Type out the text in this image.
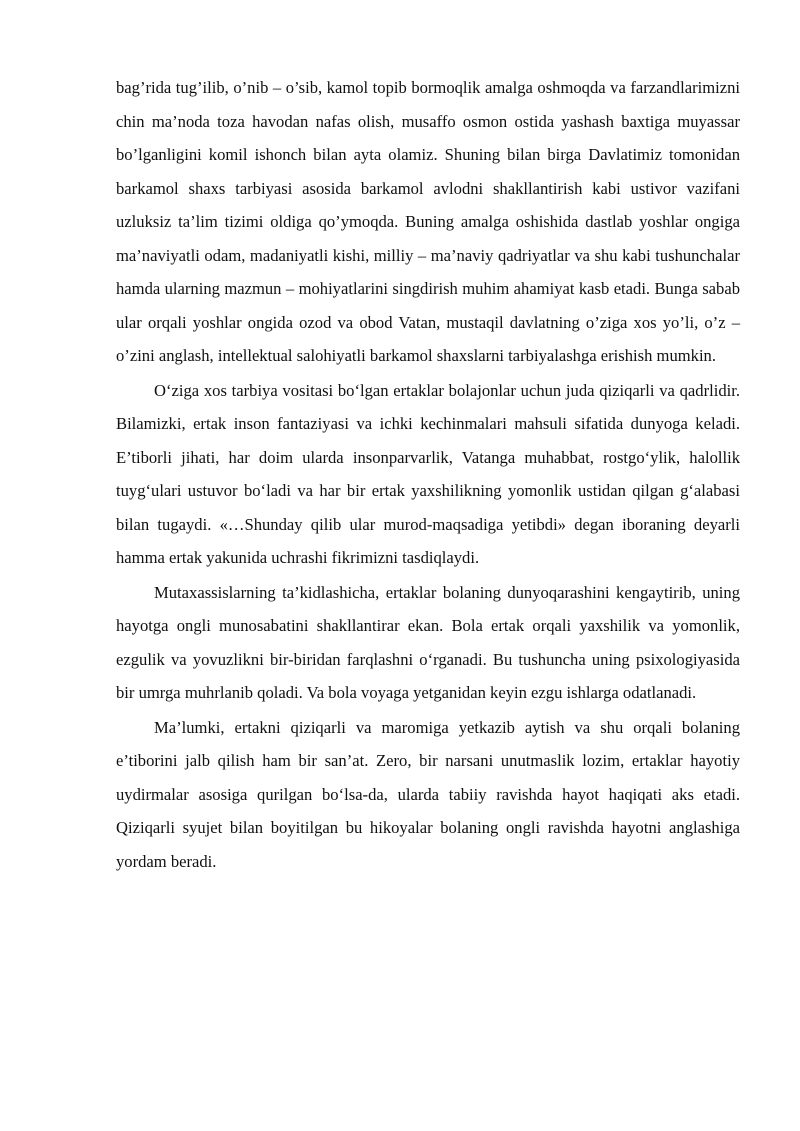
bag’rida tug’ilib, o’nib – o’sib, kamol topib bormoqlik amalga oshmoqda va farzandlarimizni chin ma’noda toza havodan nafas olish, musaffo osmon ostida yashash baxtiga muyassar bo’lganligini komil ishonch bilan ayta olamiz. Shuning bilan birga Davlatimiz tomonidan barkamol shaxs tarbiyasi asosida barkamol avlodni shakllantirish kabi ustivor vazifani uzluksiz ta’lim tizimi oldiga qo’ymoqda. Buning amalga oshishida dastlab yoshlar ongiga ma’naviyatli odam, madaniyatli kishi, milliy – ma’naviy qadriyatlar va shu kabi tushunchalar hamda ularning mazmun – mohiyatlarini singdirish muhim ahamiyat kasb etadi. Bunga sabab ular orqali yoshlar ongida ozod va obod Vatan, mustaqil davlatning o’ziga xos yo’li, o’z – o’zini anglash, intellektual salohiyatli barkamol shaxslarni tarbiyalashga erishish mumkin.

O‘ziga xos tarbiya vositasi bo‘lgan ertaklar bolajonlar uchun juda qiziqarli va qadrlidir. Bilamizki, ertak inson fantaziyasi va ichki kechinmalari mahsuli sifatida dunyoga keladi. E’tiborli jihati, har doim ularda insonparvarlik, Vatanga muhabbat, rostgo‘ylik, halollik tuyg‘ulari ustuvor bo‘ladi va har bir ertak yaxshilikning yomonlik ustidan qilgan g‘alabasi bilan tugaydi. «…Shunday qilib ular murod-maqsadiga yetibdi» degan iboraning deyarli hamma ertak yakunida uchrashi fikrimizni tasdiqlaydi.

Mutaxassislarning ta’kidlashicha, ertaklar bolaning dunyoqarashini kengaytirib, uning hayotga ongli munosabatini shakllantirar ekan. Bola ertak orqali yaxshilik va yomonlik, ezgulik va yovuzlikni bir-biridan farqlashni o‘rganadi. Bu tushuncha uning psixologiyasida bir umrga muhrlanib qoladi. Va bola voyaga yetganidan keyin ezgu ishlarga odatlanadi.

Ma’lumki, ertakni qiziqarli va maromiga yetkazib aytish va shu orqali bolaning e’tiborini jalb qilish ham bir san’at. Zero, bir narsani unutmaslik lozim, ertaklar hayotiy uydirmalar asosiga qurilgan bo‘lsa-da, ularda tabiiy ravishda hayot haqiqati aks etadi. Qiziqarli syujet bilan boyitilgan bu hikoyalar bolaning ongli ravishda hayotni anglashiga yordam beradi.
